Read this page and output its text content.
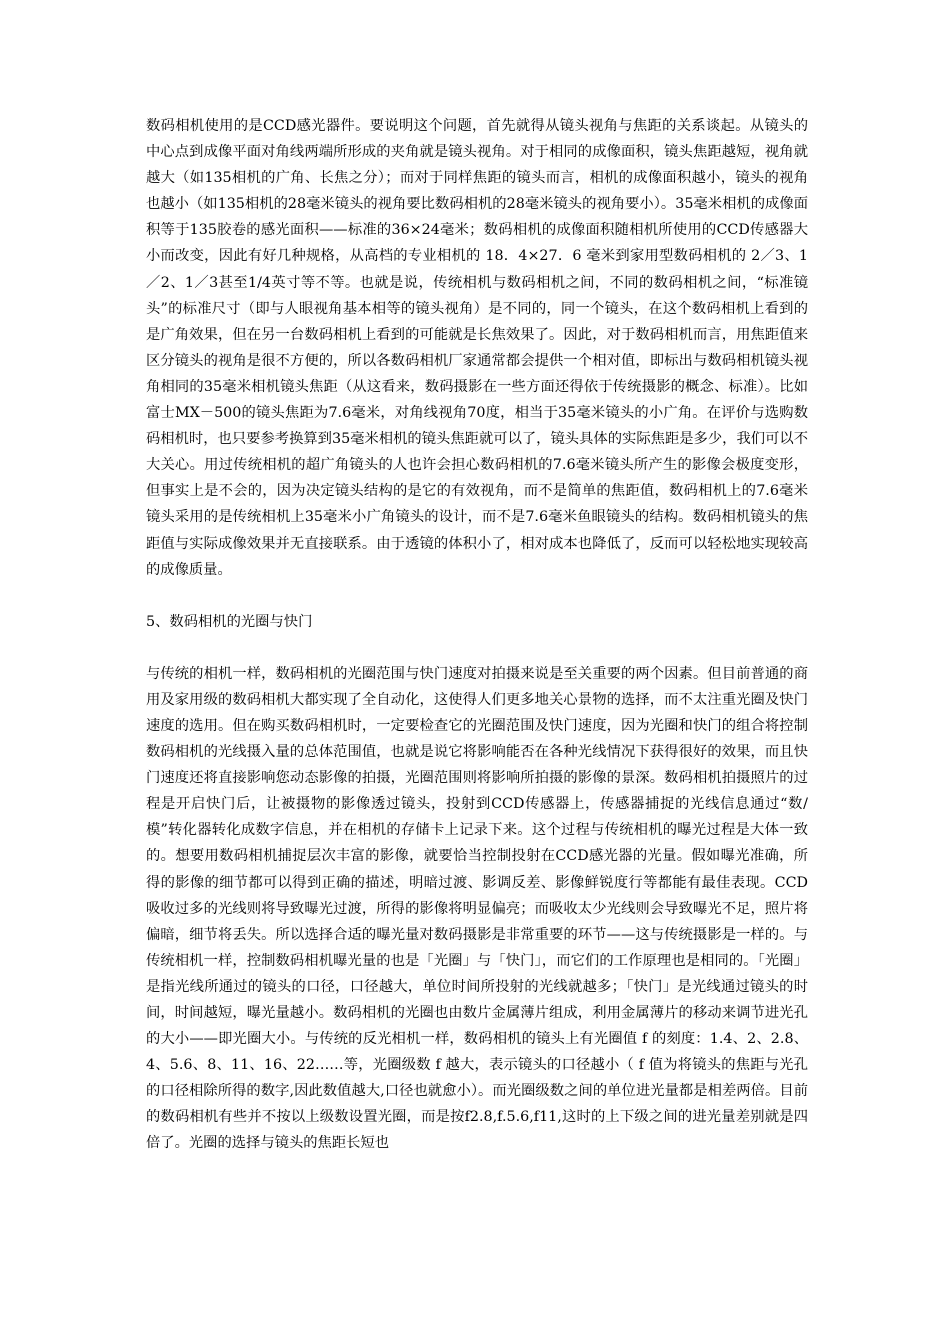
数码相机使用的是CCD感光器件。要说明这个问题，首先就得从镜头视角与焦距的关系谈起。从镜头的中心点到成像平面对角线两端所形成的夹角就是镜头视角。对于相同的成像面积，镜头焦距越短，视角就越大（如135相机的广角、长焦之分）；而对于同样焦距的镜头而言，相机的成像面积越小，镜头的视角也越小（如135相机的28毫米镜头的视角要比数码相机的28毫米镜头的视角要小）。35毫米相机的成像面积等于135胶卷的感光面积——标准的36×24毫米；数码相机的成像面积随相机所使用的CCD传感器大小而改变，因此有好几种规格，从高档的专业相机的 18．4×27．6 毫米到家用型数码相机的 2／3、1／2、1／3甚至1/4英寸等不等。也就是说，传统相机与数码相机之间，不同的数码相机之间，“标准镜头”的标准尺寸（即与人眼视角基本相等的镜头视角）是不同的，同一个镜头，在这个数码相机上看到的是广角效果，但在另一台数码相机上看到的可能就是长焦效果了。因此，对于数码相机而言，用焦距值来区分镜头的视角是很不方便的，所以各数码相机厂家通常都会提供一个相对值，即标出与数码相机镜头视角相同的35毫米相机镜头焦距（从这看来，数码摄影在一些方面还得依于传统摄影的概念、标准）。比如富士MX－500的镜头焦距为7.6毫米，对角线视角70度，相当于35毫米镜头的小广角。在评价与选购数码相机时，也只要参考换算到35毫米相机的镜头焦距就可以了，镜头具体的实际焦距是多少，我们可以不大关心。用过传统相机的超广角镜头的人也许会担心数码相机的7.6毫米镜头所产生的影像会极度变形，但事实上是不会的，因为决定镜头结构的是它的有效视角，而不是简单的焦距值，数码相机上的7.6毫米镜头采用的是传统相机上35毫米小广角镜头的设计，而不是7.6毫米鱼眼镜头的结构。数码相机镜头的焦距值与实际成像效果并无直接联系。由于透镜的体积小了，相对成本也降低了，反而可以轻松地实现较高的成像质量。

5、数码相机的光圈与快门

与传统的相机一样，数码相机的光圈范围与快门速度对拍摄来说是至关重要的两个因素。但目前普通的商用及家用级的数码相机大都实现了全自动化，这使得人们更多地关心景物的选择，而不太注重光圈及快门速度的选用。但在购买数码相机时，一定要检查它的光圈范围及快门速度，因为光圈和快门的组合将控制数码相机的光线摄入量的总体范围值，也就是说它将影响能否在各种光线情况下获得很好的效果，而且快门速度还将直接影响您动态影像的拍摄，光圈范围则将影响所拍摄的影像的景深。数码相机拍摄照片的过程是开启快门后，让被摄物的影像透过镜头，投射到CCD传感器上，传感器捕捉的光线信息通过“数/模”转化器转化成数字信息，并在相机的存储卡上记录下来。这个过程与传统相机的曝光过程是大体一致的。想要用数码相机捕捉层次丰富的影像，就要恰当控制投射在CCD感光器的光量。假如曝光准确，所得的影像的细节都可以得到正确的描述，明暗过渡、影调反差、影像鲜锐度行等都能有最佳表现。CCD 吸收过多的光线则将导致曝光过渡，所得的影像将明显偏亮；而吸收太少光线则会导致曝光不足，照片将偏暗，细节将丢失。所以选择合适的曝光量对数码摄影是非常重要的环节——这与传统摄影是一样的。与传统相机一样，控制数码相机曝光量的也是「光圈」与「快门」，而它们的工作原理也是相同的。「光圈」是指光线所通过的镜头的口径，口径越大，单位时间所投射的光线就越多；「快门」是光线通过镜头的时间，时间越短，曝光量越小。数码相机的光圈也由数片金属薄片组成，利用金属薄片的移动来调节进光孔的大小——即光圈大小。与传统的反光相机一样，数码相机的镜头上有光圈值 f 的刻度：1.4、2、2.8、4、5.6、8、11、16、22……等，光圈级数 f 越大，表示镜头的口径越小（ f 值为将镜头的焦距与光孔的口径相除所得的数字,因此数值越大,口径也就愈小）。而光圈级数之间的单位进光量都是相差两倍。目前的数码相机有些并不按以上级数设置光圈，而是按f2.8,f.5.6,f11,这时的上下级之间的进光量差别就是四倍了。光圈的选择与镜头的焦距长短也
